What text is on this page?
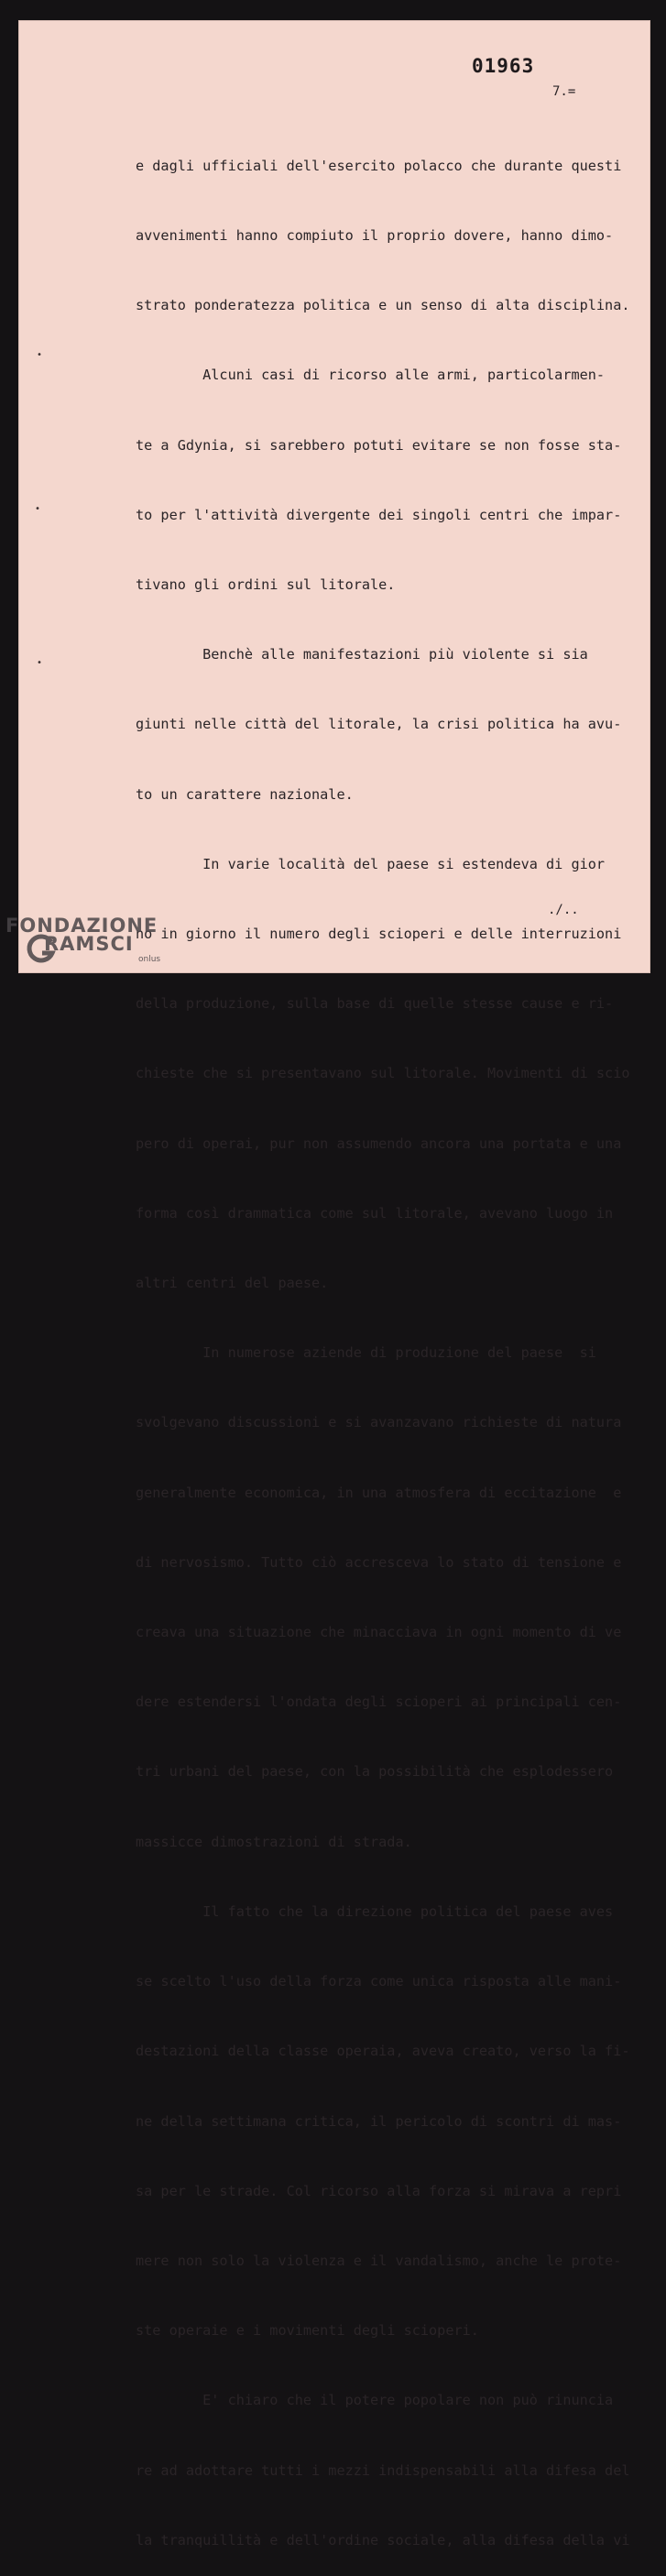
01963
7.=

e dagli ufficiali dell'esercito polacco che durante questi

avvenimenti hanno compiuto il proprio dovere, hanno dimo-

strato ponderatezza politica e un senso di alta disciplina.

Alcuni casi di ricorso alle armi, particolarmen-

te a Gdynia, si sarebbero potuti evitare se non fosse sta-

to per l'attività divergente dei singoli centri che impar-

tivano gli ordini sul litorale.

Benchè alle manifestazioni più violente si sia

giunti nelle città del litorale, la crisi politica ha avu-

to un carattere nazionale.

In varie località del paese si estendeva di gior

no in giorno il numero degli scioperi e delle interruzioni

della produzione, sulla base di quelle stesse cause e ri-

chieste che si presentavano sul litorale. Movimenti di scio

pero di operai, pur non assumendo ancora una portata e una

forma così drammatica come sul litorale, avevano luogo in

altri centri del paese.

In numerose aziende di produzione del paese  si

svolgevano discussioni e si avanzavano richieste di natura

generalmente economica, in una atmosfera di eccitazione  e

di nervosismo. Tutto ciò accresceva lo stato di tensione e

creava una situazione che minacciava in ogni momento di ve

dere estendersi l'ondata degli scioperi ai principali cen-

tri urbani del paese, con la possibilità che esplodessero

massicce dimostrazioni di strada.

Il fatto che la direzione politica del paese aves

se scelto l'uso della forza come unica risposta alle mani-

destazioni della classe operaia, aveva creato, verso la fi-

ne della settimana critica, il pericolo di scontri di mas-

sa per le strade. Col ricorso alla forza si mirava a repri

mere non solo la violenza e il vandalismo, anche le prote-

ste operaie e i movimenti degli scioperi.

E' chiaro che il potere popolare non può rinuncia

re ad adottare tutti i mezzi indispensabili alla difesa del

la tranquillità e dell'ordine sociale, alla difesa della vi

./..
•
•
•
FONDAZIONE
RAMSCI
onlus
